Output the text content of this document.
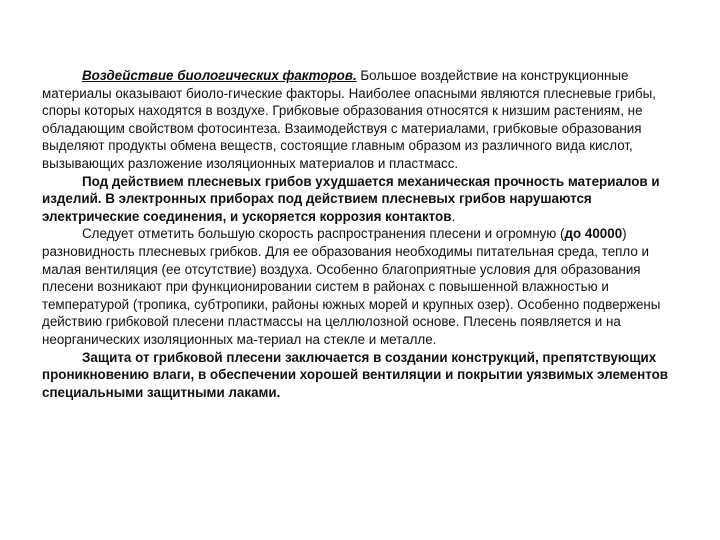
Воздействие биологических факторов. Большое воздействие на конструкционные материалы оказывают биоло-гические факторы. Наиболее опасными являются плесневые грибы, споры которых находятся в воздухе. Грибковые образования относятся к низшим растениям, не обладающим свойством фотосинтеза. Взаимодействуя с материалами, грибковые образования выделяют продукты обмена веществ, состоящие главным образом из различного вида кислот, вызывающих разложение изоляционных материалов и пластмасс.

Под действием плесневых грибов ухудшается механическая прочность материалов и изделий. В электронных приборах под действием плесневых грибов нарушаются электрические соединения, и ускоряется коррозия контактов.

Следует отметить большую скорость распространения плесени и огромную (до 40000) разновидность плесневых грибков. Для ее образования необходимы питательная среда, тепло и малая вентиляция (ее отсутствие) воздуха. Особенно благоприятные условия для образования плесени возникают при функционировании систем в районах с повышенной влажностью и температурой (тропика, субтропики, районы южных морей и крупных озер). Особенно подвержены действию грибковой плесени пластмассы на целлюлозной основе. Плесень появляется и на неорганических изоляционных ма-териал на стекле и металле.

Защита от грибковой плесени заключается в создании конструкций, препятствующих проникновению влаги, в обеспечении хорошей вентиляции и покрытии уязвимых элементов специальными защитными лаками.
